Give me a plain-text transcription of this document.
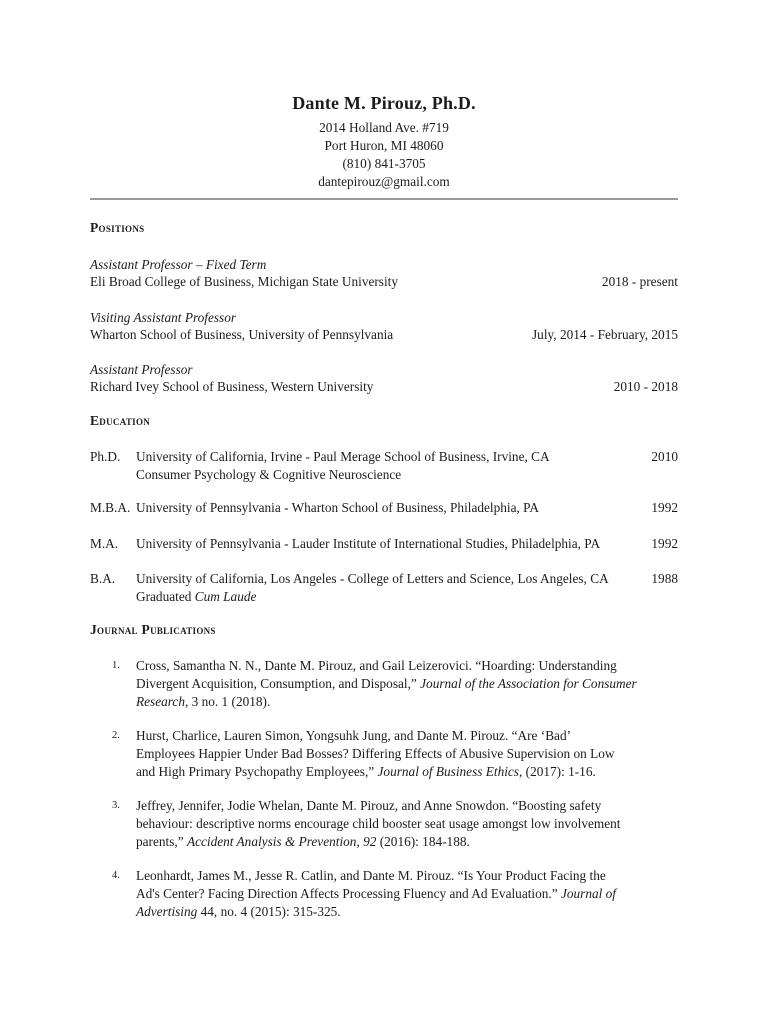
Dante M. Pirouz, Ph.D.
2014 Holland Ave. #719
Port Huron, MI 48060
(810) 841-3705
dantepirouz@gmail.com
Positions
Assistant Professor – Fixed Term
Eli Broad College of Business, Michigan State University	2018 - present
Visiting Assistant Professor
Wharton School of Business, University of Pennsylvania	July, 2014 - February, 2015
Assistant Professor
Richard Ivey School of Business, Western University	2010 - 2018
Education
Ph.D. University of California, Irvine - Paul Merage School of Business, Irvine, CA	2010
Consumer Psychology & Cognitive Neuroscience
M.B.A. University of Pennsylvania - Wharton School of Business, Philadelphia, PA	1992
M.A. University of Pennsylvania - Lauder Institute of International Studies, Philadelphia, PA	1992
B.A. University of California, Los Angeles - College of Letters and Science, Los Angeles, CA	1988
Graduated Cum Laude
Journal Publications
1. Cross, Samantha N. N., Dante M. Pirouz, and Gail Leizerovici. “Hoarding: Understanding
Divergent Acquisition, Consumption, and Disposal,” Journal of the Association for Consumer
Research, 3 no. 1 (2018).
2. Hurst, Charlice, Lauren Simon, Yongsuhk Jung, and Dante M. Pirouz. “Are ‘Bad’
Employees Happier Under Bad Bosses? Differing Effects of Abusive Supervision on Low
and High Primary Psychopathy Employees,” Journal of Business Ethics, (2017): 1-16.
3. Jeffrey, Jennifer, Jodie Whelan, Dante M. Pirouz, and Anne Snowdon. “Boosting safety
behaviour: descriptive norms encourage child booster seat usage amongst low involvement
parents,” Accident Analysis & Prevention, 92 (2016): 184-188.
4. Leonhardt, James M., Jesse R. Catlin, and Dante M. Pirouz. “Is Your Product Facing the
Ad's Center? Facing Direction Affects Processing Fluency and Ad Evaluation.” Journal of
Advertising 44, no. 4 (2015): 315-325.
